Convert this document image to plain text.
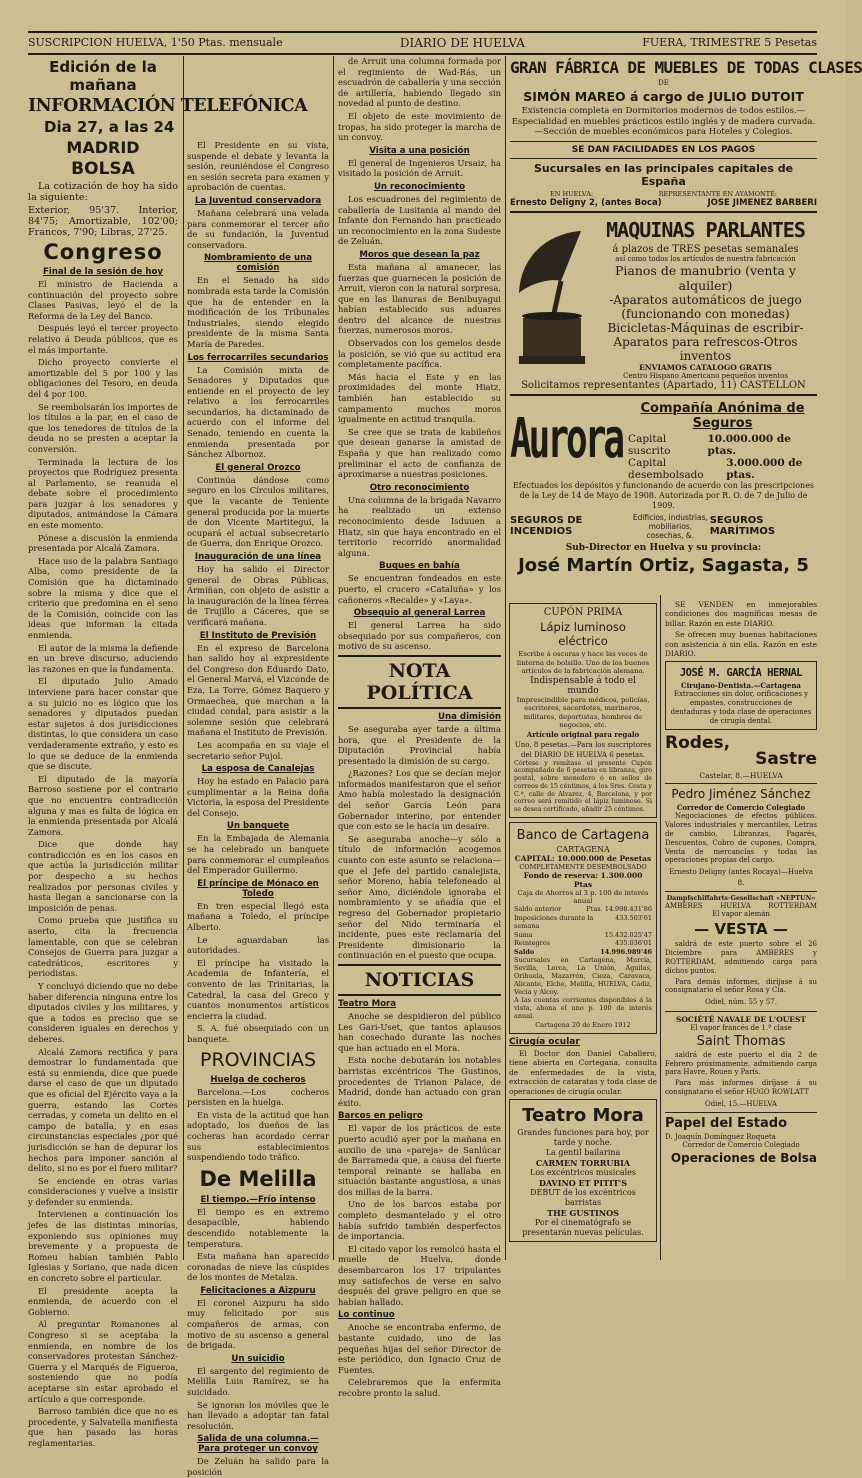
SUSCRIPCION HUELVA, 1'50 Ptas. mensuale	DIARIO DE HUELVA	FUERA, TRIMESTRE 5 Pesetas
Edición de la mañana
INFORMACIÓN TELEFÓNICA
Dia 27, a las 24
MADRID
BOLSA

La cotización de hoy ha sido la siguiente:

Exterior, 95'37. Interior, 84'75; Amortizable, 102'00; Francos, 7'90; Libras, 27'25.

Congreso
Final de la sesión de hoy

El ministro de Hacienda a continuación del proyecto sobre Clases Pasivas, leyó el de la Reforma de la Ley del Banco.

Después leyó el tercer proyecto relativo á Deuda públicos, que es el más importante.

Dicho proyecto convierte el amortizable del 5 por 100 y las obligaciones del Tesoro, en deuda del 4 por 100.

Se reembolsarán los importes de los títulos a la par, en el caso de que los tenedores de títulos de la deuda no se presten a aceptar la conversión.

Terminada la lectura de los proyectos que Rodríguez presenta al Parlamento, se reanuda el debate sobre el procedimiento para juzgar á los senadores y diputados, animándose la Cámara en este momento.

Pónese a discusión la enmienda presentada por Alcalá Zamora.

Hace uso de la palabra Santiago Alba, como presidente de la Comisión que ha dictaminado sobre la misma y dice que el criterio que predomina en el seno de la Comisión, coincide con las ideas que informan la citada enmienda.

El autor de la misma la defiende en un breve discurso, aduciendo las razones en que la fundamenta.

El diputado Julio Amado interviene para hacer constar que a su juicio no es lógico que los senadores y diputados puedan estar sujetos á dos jurisdicciones distintas, lo que considera un caso verdaderamente extraño, y esto es lo que se deduce de la enmienda que se discute.

El diputado de la mayoría Barroso sostiene por el contrario que no encuentra contradicción alguna y mas es falta de lógica en la enmienda presentada por Alcalá Zamora.

Dice que donde hay contradicción es en los casos en que actúa la jurisdicción militar por despecho a su hechos realizados por personas civiles y hasta llegan a sancionarse con la imposición de penas.

Como prueba que justifica su aserto, cita la frecuencia lamentable, con que se celebran Consejos de Guerra para juzgar a catedráticos, escritores y periodistas.

Y concluyó diciendo que no debe haber diferencia ninguna entre los diputados civiles y los militares, y que a todos es preciso que se consideren iguales en derechos y deberes.

Alcalá Zamora rectifica y para demostrar lo fundamentada que está su enmienda, dice que puede darse el caso de que un diputado que es oficial del Ejército vaya a la guerra, estando las Cortes cerradas, y cometa un delito en el campo de batalla, y en esas circunstancias especiales ¿por qué jurisdicción se han de depurar los hechos para imponer sanción al delito, si no es por el fuero militar?

Se enciende en otras varias consideraciones y vuelve a insistir y defender su enmienda.

Intervienen a continuación los jefes de las distintas minorías, exponiendo sus opiniones muy brevemente y a propuesta de Romeu habían también Pablo Iglesias y Soriano, que nada dicen en concreto sobre el particular.

El presidente acepta la enmienda, de acuerdo con el Gobierno.

Al preguntar Romanones al Congreso si se aceptaba la enmienda, en nombre de los conservadores protestan Sánchez-Guerra y el Marqués de Figueroa, sosteniendo que no podía aceptarse sin estar aprobado el artículo a que corresponde.

Barroso también dice que no es procedente, y Salvatella manifiesta que han pasado las horas reglamentarias.

El Presidente en su vista, suspende el debate y levanta la sesión, reuniéndose el Congreso en sesión secreta para examen y aprobación de cuentas.

La Juventud conservadora

Mañana celebrará una velada para conmemorar el tercer año de su fundación, la Juventud conservadora.

Nombramiento de una comisión

En el Senado ha sido nombrada esta tarde la Comisión que ha de entender en la modificación de los Tribunales Industriales, siendo elegido presidente de la misma Santa María de Paredes.

Los ferrocarriles secundarios

La Comisión mixta de Senadores y Diputados que entiende en el proyecto de ley relativo a los ferrocarriles secundarios, ha dictaminado de acuerdo con el informe del Senado, teniendo en cuenta la enmienda presentada por Sánchez Albornoz.

El general Orozco

Continúa dándose como seguro en los Círculos militares, que la vacante de Teniente general producida por la muerte de don Vicente Martitegui, la ocupará el actual subsecretario de Guerra, don Enrique Orozco.

Inauguración de una línea

Hoy ha salido el Director general de Obras Públicas, Armiñan, con objeto de asistir a la inauguración de la línea férrea de Trujillo a Cáceres, que se verificará mañana.

El Instituto de Previsión

En el expreso de Barcelona han salido hoy al expresidente del Congreso don Eduardo Dato, el General Marvá, el Vizconde de Eza, La Torre, Gómez Baquero y Ormaechea, que marchan a la ciudad condal, para asistir a la solemne sesión que celebrará mañana el Instituto de Previsión.

Les acompaña en su viaje el secretario señor Pujol.

La esposa de Canalejas

Hoy ha estado en Palacio para cumplimentar a la Reina doña Victoria, la esposa del Presidente del Consejo.

Un banquete

En la Embajada de Alemania se ha celebrado un banquete para conmemorar el cumpleaños del Emperador Guillermo.

El príncipe de Mónaco en Toledo

En tren especial llegó esta mañana a Toledo, el príncipe Alberto.

Le aguardaban las autoridades.

El príncipe ha visitado la Academia de Infantería, el convento de las Trinitarias, la Catedral, la casa del Greco y cuantos monumentos artísticos encierra la ciudad.

S. A. fué obsequiado con un banquete.

PROVINCIAS
Huelga de cocheros

Barcelona.—Los cocheros persisten en la huelga.

En vista de la actitud que han adoptado, los dueños de las cocheras han acordado cerrar sus establecimientos suspendiendo todo tráfico.

De Melilla
El tiempo.—Frío intenso

El tiempo es en extremo desapacible, habiendo descendido notablemente la temperatura.

Esta mañana han aparecido coronadas de nieve las cúspides de los montes de Metalza.

Felicitaciones a Aizpuru

El coronel Aizpuru ha sido muy felicitado por sus compañeros de armas, con motivo de su ascenso a general de brigada.

Un suicidio

El sargento del regimiento de Melilla Luis Ramírez, se ha suicidado.

Se ignoran los móviles que le han llevado a adoptar tan fatal resolución.

Salida de una columna.—Para proteger un convoy

De Zeluán ha salido para la posición

de Arruit una columna formada por el regimiento de Wad-Rás, un escuadrón de caballería y una sección de artillería, habiendo llegado sin novedad al punto de destino.

El objeto de este movimiento de tropas, ha sido proteger la marcha de un convoy.

Visita a una posición

El general de Ingenieros Ursaiz, ha visitado la posición de Arruit.

Un reconocimiento

Los escuadrones del regimiento de caballería de Lusitania al mando del Infante don Fernando han practicado un reconocimiento en la zona Sudeste de Zeluán.

Moros que desean la paz

Esta mañana al amanecer, las fuerzas que guarnecen la posición de Arruit, vieron con la natural sorpresa, que en las llanuras de Benibuyagui habían establecido sus aduares dentro del alcance de nuestras fuerzas, numerosos moros.

Observados con los gemelos desde la posición, se vió que su actitud era completamente pacífica.

Más hacia el Este y en las proximidades del monte Hiatz, también han establecido su campamento muchos moros igualmente en actitud tranquila.

Se cree que se trata de kabileños que desean ganarse la amistad de España y que han realizado como preliminar el acto de confianza de aproximarse a nuestras posiciones.

Otro reconocimiento

Una columna de la brigada Navarro ha realizado un extenso reconocimiento desde Isduuen a Hiatz, sin que haya encontrado en el territorio recorrido anormalidad alguna.

Buques en bahía

Se encuentran fondeados en este puerto, el crucero «Cataluña» y los cañoneros «Recalde» y «Laya».

Obsequio al general Larrea

El general Larrea ha sido obsequiado por sus compañeros, con motivo de su ascenso.

NOTA POLÍTICA
Una dimisión

Se aseguraba ayer tarde a última hora, que el Presidente de la Diputación Provincial había presentado la dimisión de su cargo.

¿Razones? Los que se decían mejor informados manifestaron que el señor Amo había molestado la designación del señor García León para Gobernador interino, por entender que con esto se le hacía un desaire.

Se aseguraba anoche—y sólo a título de información acogemos cuanto con este asunto se relaciona—que el Jefe del partido canalejista, señor Moreno, había telefoneado al señor Amo, diciéndole ignoraba el nombramiento y se añadía que el regreso del Gobernador propietario señor del Nido terminaría el incidente, pues este reclamaría del Presidente dimisionario la continuación en el puesto que ocupa.

NOTICIAS
Teatro Mora

Anoche se despidieron del público Les Gari-Uset, que tantos aplausos han cosechado durante las noches que han actuado en el Mora.

Esta noche debutarán los notables barristas excéntricos The Gustinos, procedentes de Trianon Palace, de Madrid, donde han actuado con gran éxito.

Barcos en peligro

El vapor de los prácticos de este puerto acudió ayer por la mañana en auxilio de una «pareja» de Sanlúcar de Barrameda que, a causa del fuerte temporal reinante se hallaba en situación bastante angustiosa, a unas dos millas de la barra.

Uno de los barcos estaba por completo desmantelado y el otro había sufrido también desperfectos de importancia.

El citado vapor los remolcó hasta el muelle de Huelva, donde desembarcaron los 17 tripulantes muy satisfechos de verse en salvo después del grave peligro en que se habían hallado.

Lo continuo

Anoche se encontraba enfermo, de bastante cuidado, uno de las pequeñas hijas del señor Director de este periódico, don Ignacio Cruz de Fuentes.

Celebraremos que la enfermita recobre pronto la salud.

GRAN FÁBRICA DE MUEBLES DE TODAS CLASES
DE
SIMÓN MAREO á cargo de JULIO DUTOIT

Existencia completa en Dormitorios modernos de todos estilos.—Especialidad en muebles prácticos estilo inglés y de madera curvada.—Sección de muebles económicos para Hoteles y Colegios.

SE DAN FACILIDADES EN LOS PAGOS
Sucursales en las principales capitales de España
EN HUELVA:	REPRESENTANTE EN AYAMONTE:
Ernesto Deligny 2, (antes Boca)	JOSE JIMENEZ BARBERI
MAQUINAS PARLANTES
á plazos de TRES pesetas semanales
así como todos los artículos de nuestra fabricación
Pianos de manubrio (venta y alquiler)
-Aparatos automáticos de juego (funcionando con monedas)
Bicicletas-Máquinas de escribir-Aparatos para refrescos-Otros inventos
ENVIAMOS CATALOGO GRATIS
Centro Hispano Americano pequeños inventos
Solicitamos representantes (Apartado, 11) CASTELLON
Aurora
Compañía Anónima de Seguros
Capital suscrito
10.000.000 de ptas.
Capital desembolsado
3.000.000 de ptas.

Efectuados los depósitos y funcionando de acuerdo con las prescripciones de la Ley de 14 de Mayo de 1908. Autorizada por R. O. de 7 de Julio de 1909.

SEGUROS DE INCENDIOS
Edificios, industrias, mobiliarios, cosechas, &.
SEGUROS MARÍTIMOS
Sub-Director en Huelva y su provincia:
José Martín Ortiz, Sagasta, 5
CUPÓN PRIMA
Lápiz luminoso eléctrico

Escribe á oscuras y hace las veces de linterna de bolsillo. Uno de los buenos artículos de la fabricación alemana.

Indispensable á todo el mundo

Imprescindible para médicos, policías, escritores, sacerdotes, marineros, militares, deportistas, hombres de negocios, etc.

Artículo original para regalo

Uno, 8 pesetas.—Para los suscriptores del DIARIO DE HUELVA 6 pesetas.

Córtese y remítase el presente Cupón acompañado de 6 pesetas en libranza, giro postal, sobre monedero ó en sellos de correos de 15 céntimos, á los Sres. Costa y C.ª, calle de Alvarez, 4, Barcelona, y por correo será remitido el lápiz luminoso. Si se desea certificado, añadir 25 céntimos.

Banco de Cartagena
CARTAGENA
CAPITAL: 10.000.000 de Pesetas
COMPLETAMENTE DESEMBOLSADO
Fondo de reserva: 1.300.000 Ptas
Caja de Ahorros al 3 p. 100 de interés anual
Saldo anterior	Ptas. 14.998.431'86
Imposiciones durante la semana
433.503'61
Suma	15.432.025'47
Reintegros	435.036'01
Saldo	14.996.989'46

Sucursales en Cartagena, Murcia, Sevilla, Lorca, La Unión, Águilas, Orihuela, Mazarrón, Cieza, Caravaca, Alicante, Elche, Melilla, HUELVA, Cádiz, Vecia y Alcoy.

A las cuentas corrientes disponibles á la vista, abona el uno p. 100 de interés anual.

Cartagena 20 de Enero 1912

Cirugía ocular

El Doctor don Daniel Caballero, tiene abierta en Cortegana, consulta de enfermedades de la vista, extracción de cataratas y toda clase de operaciones de cirugía ocular.

Teatro Mora

Grandes funciones para hoy, por tarde y noche.

La gentil bailarina

CARMEN TORRUBIA

Los excéntricos musicales

DAVINO ET PITIT'S

DEBUT de los excéntricos barristas

THE GUSTINOS

Por el cinematógrafo se presentarán nuevas películas.

SE VENDEN en inmejorables condiciones dos magníficas mesas de billar. Razón en este DIARIO.

Se ofrecen muy buenas habitaciones con asistencia á sin ella. Razón en este DIARIO.

JOSÉ M. GARCÍA HERNAL
Cirujano-Dentista.—Cartagena

Extracciones sin dolor, orificaciones y empastes, construcciones de dentaduras y toda clase de operaciones de cirugía dental.

Rodes,
Sastre
Castelar, 8.—HUELVA
Pedro Jiménez Sánchez
Corredor de Comercio Colegiado

Negociaciones de efectos públicos. Valores industriales y mercantiles, Letras de cambio, Libranzas, Pagarés, Descuentos, Cobro de cupones, Compra, Venta de mercancías y todas las operaciones propias del cargo.

Ernesto Deligny (antes Rocaya)—Huelva 8.

Dampfschiffahrts-Gesellschaft «NEPTUN»
AMBERES	HUELVA	ROTTERDAM
El vapor alemán
— VESTA —

saldrá de este puerto sobre el 26 Diciembre para AMBERES y ROTTERDAM, admitiendo carga para dichos puntos.

Para demás informes, diríjase á su consignatario el señor Rosa y Cía.

Odiel, núm. 55 y 57.

SOCIÉTÉ NAVALE DE L'OUEST
El vapor francés de 1.ª clase
Saint Thomas

saldrá de este puerto el día 2 de Febrero próximamente, admitiendo carga para Havre, Rouen y París.

Para más informes diríjase á su consignatario el señor HUGO ROWLATT

Odiel, 15.—HUELVA

Papel del Estado
D. Joaquín Domínguez Roqueta
Corredor de Comercio Colegiado
Operaciones de Bolsa
